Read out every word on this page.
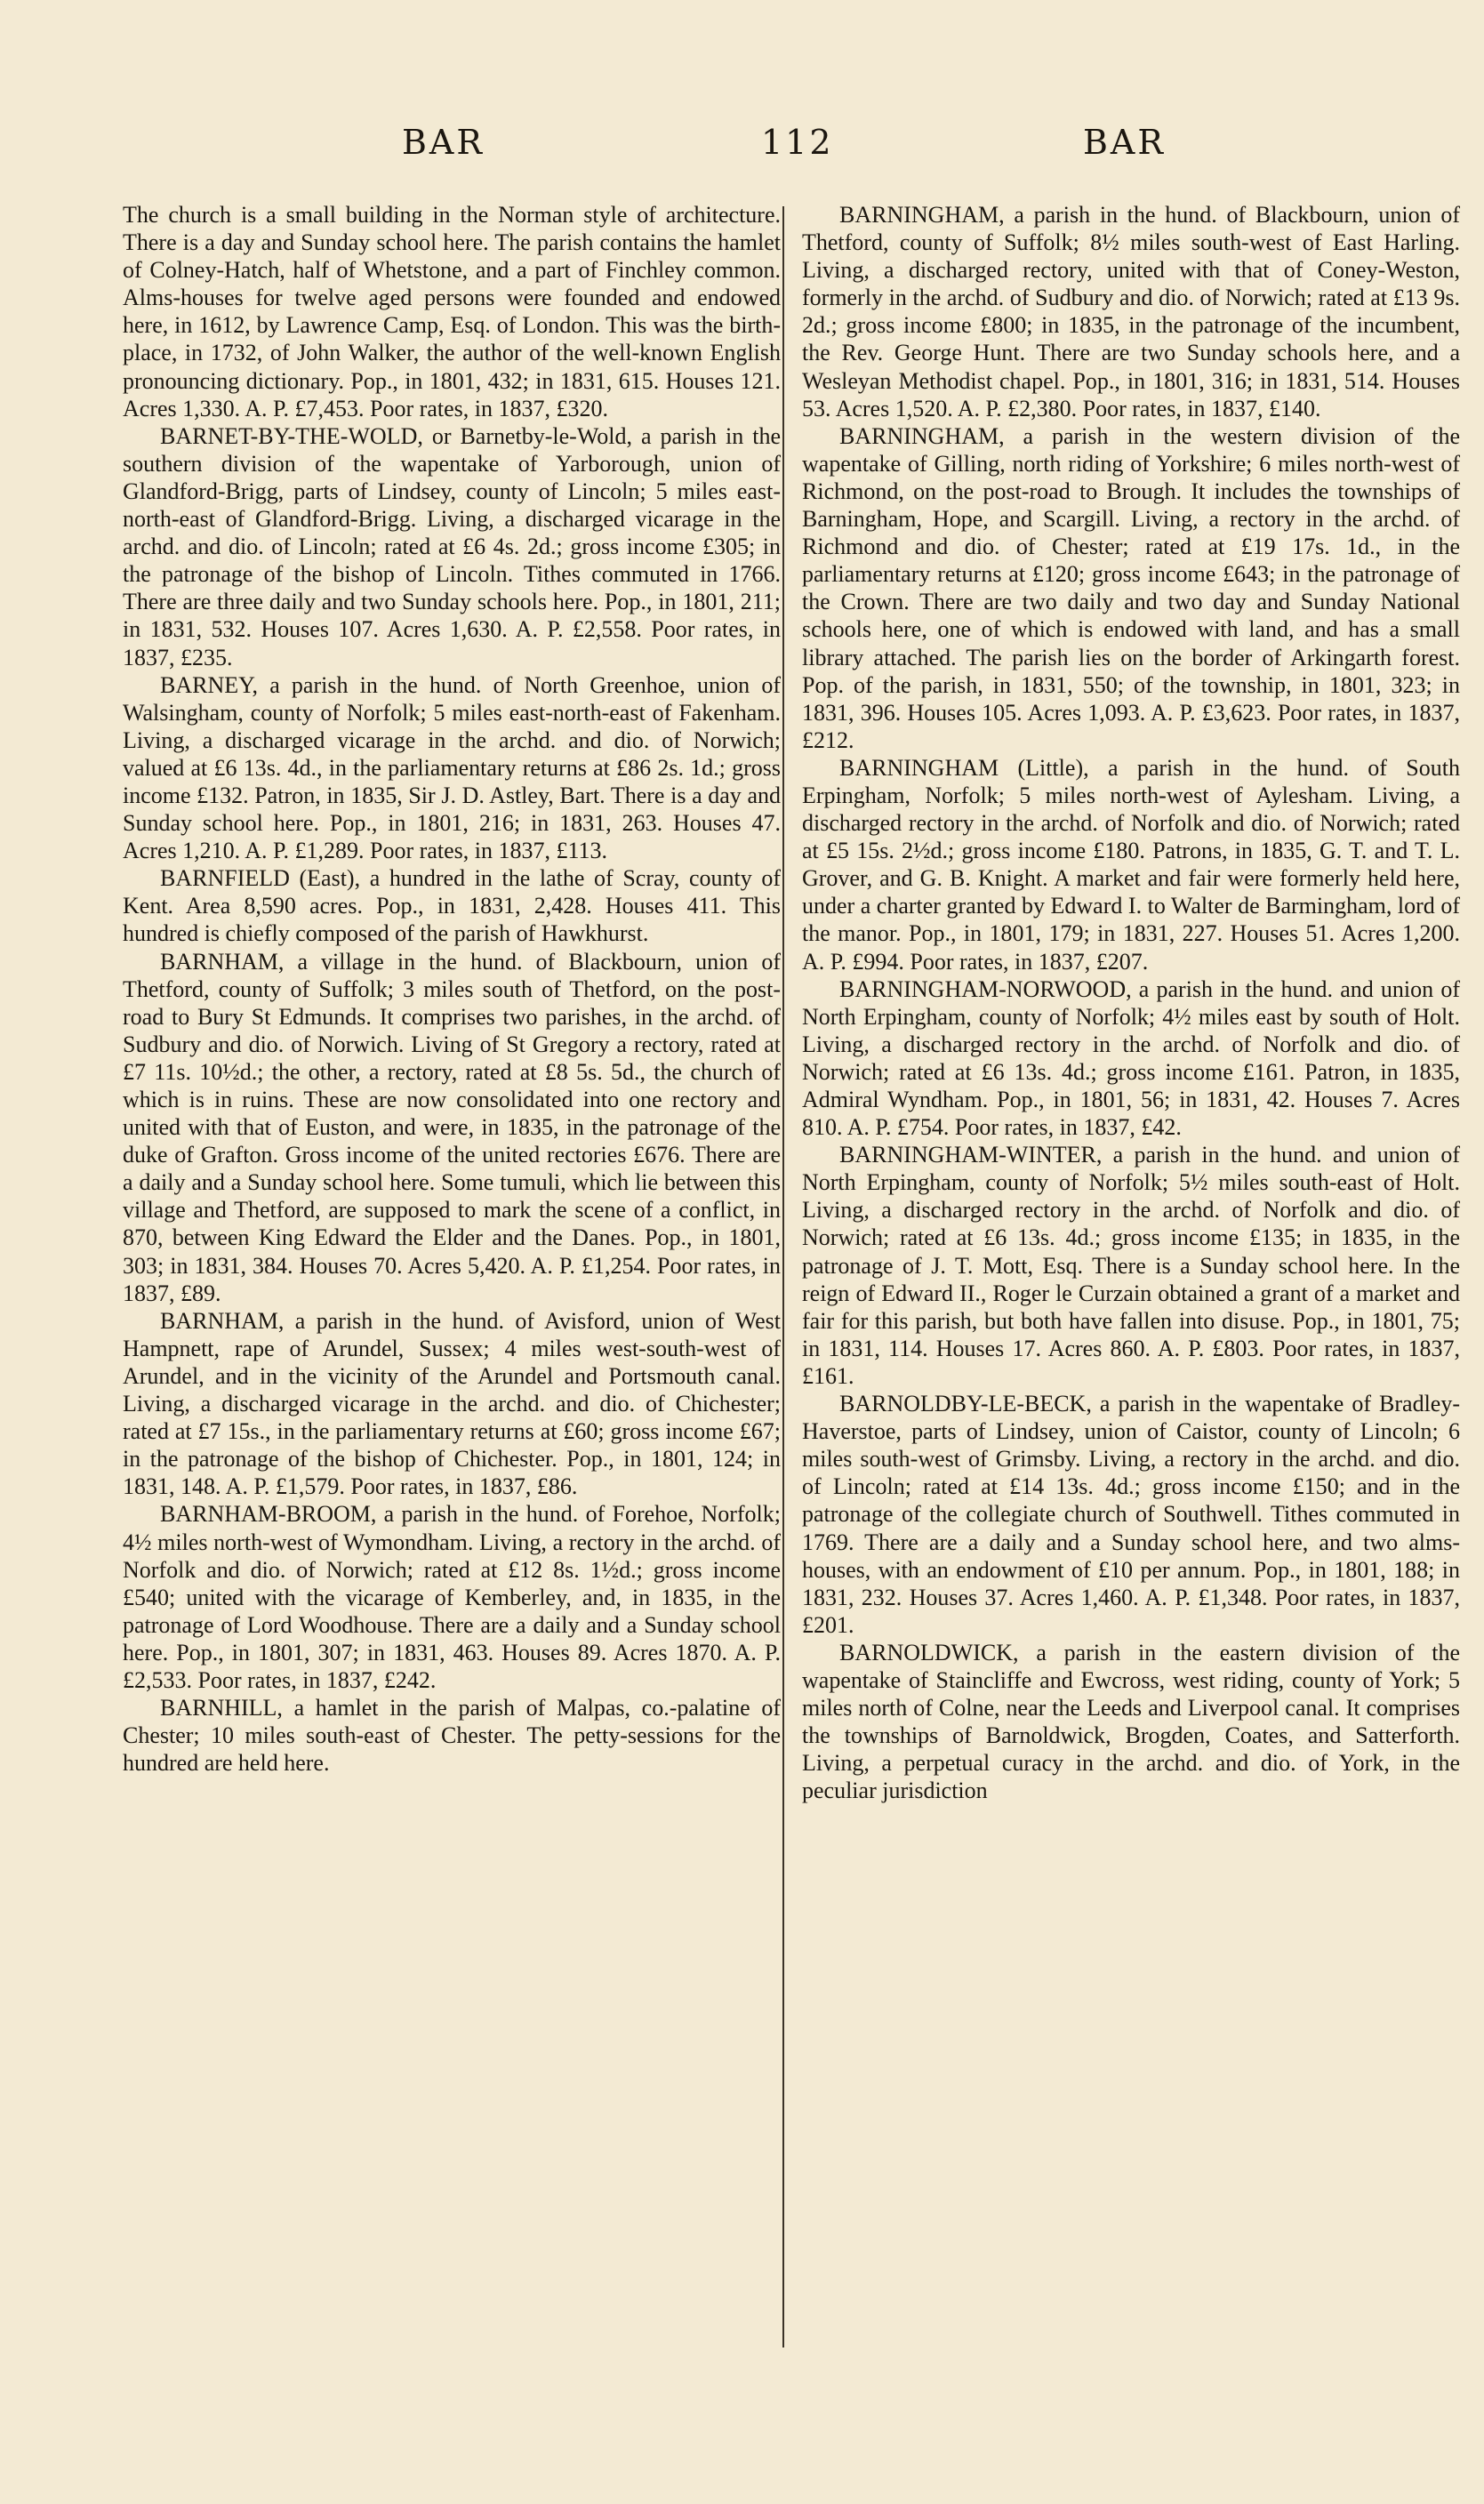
BAR	112	BAR

The church is a small building in the Norman style of architecture. There is a day and Sunday school here. The parish contains the hamlet of Colney-Hatch, half of Whetstone, and a part of Finchley common. Alms-houses for twelve aged persons were founded and endowed here, in 1612, by Lawrence Camp, Esq. of London. This was the birth-place, in 1732, of John Walker, the author of the well-known English pronouncing dictionary. Pop., in 1801, 432; in 1831, 615. Houses 121. Acres 1,330. A. P. £7,453. Poor rates, in 1837, £320.

BARNET-BY-THE-WOLD, or Barnetby-le-Wold, a parish in the southern division of the wapentake of Yarborough, union of Glandford-Brigg, parts of Lindsey, county of Lincoln; 5 miles east-north-east of Glandford-Brigg. Living, a discharged vicarage in the archd. and dio. of Lincoln; rated at £6 4s. 2d.; gross income £305; in the patronage of the bishop of Lincoln. Tithes commuted in 1766. There are three daily and two Sunday schools here. Pop., in 1801, 211; in 1831, 532. Houses 107. Acres 1,630. A. P. £2,558. Poor rates, in 1837, £235.

BARNEY, a parish in the hund. of North Greenhoe, union of Walsingham, county of Norfolk; 5 miles east-north-east of Fakenham. Living, a discharged vicarage in the archd. and dio. of Norwich; valued at £6 13s. 4d., in the parliamentary returns at £86 2s. 1d.; gross income £132. Patron, in 1835, Sir J. D. Astley, Bart. There is a day and Sunday school here. Pop., in 1801, 216; in 1831, 263. Houses 47. Acres 1,210. A. P. £1,289. Poor rates, in 1837, £113.

BARNFIELD (East), a hundred in the lathe of Scray, county of Kent. Area 8,590 acres. Pop., in 1831, 2,428. Houses 411. This hundred is chiefly composed of the parish of Hawkhurst.

BARNHAM, a village in the hund. of Blackbourn, union of Thetford, county of Suffolk; 3 miles south of Thetford, on the post-road to Bury St Edmunds. It comprises two parishes, in the archd. of Sudbury and dio. of Norwich. Living of St Gregory a rectory, rated at £7 11s. 10½d.; the other, a rectory, rated at £8 5s. 5d., the church of which is in ruins. These are now consolidated into one rectory and united with that of Euston, and were, in 1835, in the patronage of the duke of Grafton. Gross income of the united rectories £676. There are a daily and a Sunday school here. Some tumuli, which lie between this village and Thetford, are supposed to mark the scene of a conflict, in 870, between King Edward the Elder and the Danes. Pop., in 1801, 303; in 1831, 384. Houses 70. Acres 5,420. A. P. £1,254. Poor rates, in 1837, £89.

BARNHAM, a parish in the hund. of Avisford, union of West Hampnett, rape of Arundel, Sussex; 4 miles west-south-west of Arundel, and in the vicinity of the Arundel and Portsmouth canal. Living, a discharged vicarage in the archd. and dio. of Chichester; rated at £7 15s., in the parliamentary returns at £60; gross income £67; in the patronage of the bishop of Chichester. Pop., in 1801, 124; in 1831, 148. A. P. £1,579. Poor rates, in 1837, £86.

BARNHAM-BROOM, a parish in the hund. of Forehoe, Norfolk; 4½ miles north-west of Wymondham. Living, a rectory in the archd. of Norfolk and dio. of Norwich; rated at £12 8s. 1½d.; gross income £540; united with the vicarage of Kemberley, and, in 1835, in the patronage of Lord Woodhouse. There are a daily and a Sunday school here. Pop., in 1801, 307; in 1831, 463. Houses 89. Acres 1870. A. P. £2,533. Poor rates, in 1837, £242.

BARNHILL, a hamlet in the parish of Malpas, co.-palatine of Chester; 10 miles south-east of Chester. The petty-sessions for the hundred are held here.

BARNINGHAM, a parish in the hund. of Blackbourn, union of Thetford, county of Suffolk; 8½ miles south-west of East Harling. Living, a discharged rectory, united with that of Coney-Weston, formerly in the archd. of Sudbury and dio. of Norwich; rated at £13 9s. 2d.; gross income £800; in 1835, in the patronage of the incumbent, the Rev. George Hunt. There are two Sunday schools here, and a Wesleyan Methodist chapel. Pop., in 1801, 316; in 1831, 514. Houses 53. Acres 1,520. A. P. £2,380. Poor rates, in 1837, £140.

BARNINGHAM, a parish in the western division of the wapentake of Gilling, north riding of Yorkshire; 6 miles north-west of Richmond, on the post-road to Brough. It includes the townships of Barningham, Hope, and Scargill. Living, a rectory in the archd. of Richmond and dio. of Chester; rated at £19 17s. 1d., in the parliamentary returns at £120; gross income £643; in the patronage of the Crown. There are two daily and two day and Sunday National schools here, one of which is endowed with land, and has a small library attached. The parish lies on the border of Arkingarth forest. Pop. of the parish, in 1831, 550; of the township, in 1801, 323; in 1831, 396. Houses 105. Acres 1,093. A. P. £3,623. Poor rates, in 1837, £212.

BARNINGHAM (Little), a parish in the hund. of South Erpingham, Norfolk; 5 miles north-west of Aylesham. Living, a discharged rectory in the archd. of Norfolk and dio. of Norwich; rated at £5 15s. 2½d.; gross income £180. Patrons, in 1835, G. T. and T. L. Grover, and G. B. Knight. A market and fair were formerly held here, under a charter granted by Edward I. to Walter de Barmingham, lord of the manor. Pop., in 1801, 179; in 1831, 227. Houses 51. Acres 1,200. A. P. £994. Poor rates, in 1837, £207.

BARNINGHAM-NORWOOD, a parish in the hund. and union of North Erpingham, county of Norfolk; 4½ miles east by south of Holt. Living, a discharged rectory in the archd. of Norfolk and dio. of Norwich; rated at £6 13s. 4d.; gross income £161. Patron, in 1835, Admiral Wyndham. Pop., in 1801, 56; in 1831, 42. Houses 7. Acres 810. A. P. £754. Poor rates, in 1837, £42.

BARNINGHAM-WINTER, a parish in the hund. and union of North Erpingham, county of Norfolk; 5½ miles south-east of Holt. Living, a discharged rectory in the archd. of Norfolk and dio. of Norwich; rated at £6 13s. 4d.; gross income £135; in 1835, in the patronage of J. T. Mott, Esq. There is a Sunday school here. In the reign of Edward II., Roger le Curzain obtained a grant of a market and fair for this parish, but both have fallen into disuse. Pop., in 1801, 75; in 1831, 114. Houses 17. Acres 860. A. P. £803. Poor rates, in 1837, £161.

BARNOLDBY-LE-BECK, a parish in the wapentake of Bradley-Haverstoe, parts of Lindsey, union of Caistor, county of Lincoln; 6 miles south-west of Grimsby. Living, a rectory in the archd. and dio. of Lincoln; rated at £14 13s. 4d.; gross income £150; and in the patronage of the collegiate church of Southwell. Tithes commuted in 1769. There are a daily and a Sunday school here, and two alms-houses, with an endowment of £10 per annum. Pop., in 1801, 188; in 1831, 232. Houses 37. Acres 1,460. A. P. £1,348. Poor rates, in 1837, £201.

BARNOLDWICK, a parish in the eastern division of the wapentake of Staincliffe and Ewcross, west riding, county of York; 5 miles north of Colne, near the Leeds and Liverpool canal. It comprises the townships of Barnoldwick, Brogden, Coates, and Satterforth. Living, a perpetual curacy in the archd. and dio. of York, in the peculiar jurisdiction
